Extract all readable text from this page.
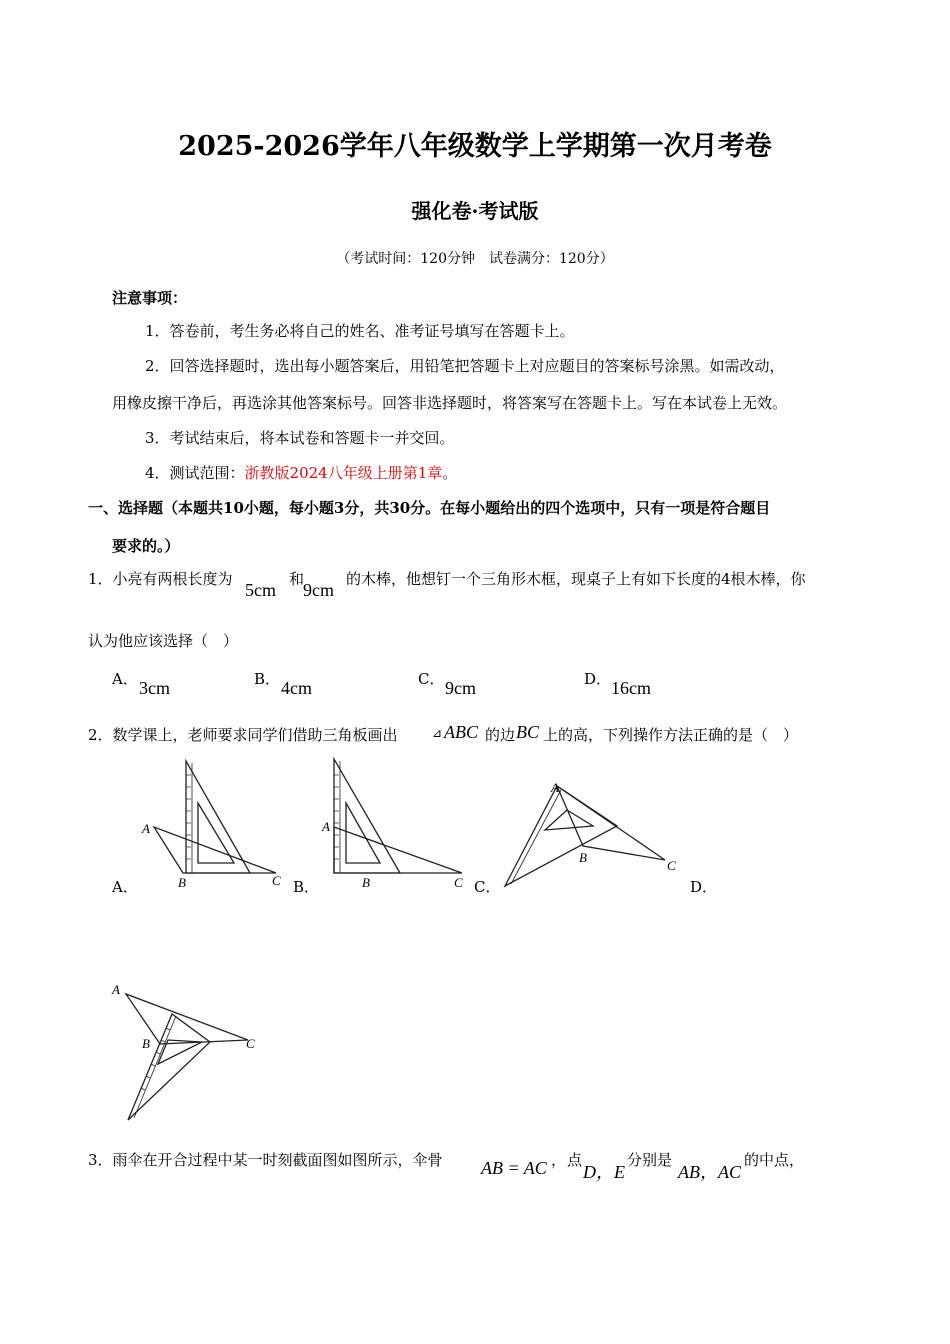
2025-2026学年八年级数学上学期第一次月考卷
强化卷·考试版
（考试时间：120分钟　试卷满分：120分）
注意事项：
1．答卷前，考生务必将自己的姓名、准考证号填写在答题卡上。
2．回答选择题时，选出每小题答案后，用铅笔把答题卡上对应题目的答案标号涂黑。如需改动，
用橡皮擦干净后，再选涂其他答案标号。回答非选择题时，将答案写在答题卡上。写在本试卷上无效。
3．考试结束后，将本试卷和答题卡一并交回。
4．测试范围：浙教版2024八年级上册第1章。
一、选择题（本题共10小题，每小题3分，共30分。在每小题给出的四个选项中，只有一项是符合题目
要求的。）
1．小亮有两根长度为
5cm
和
9cm
的木棒，他想钉一个三角形木框，现桌子上有如下长度的4根木棒，你
认为他应该选择（　）
A． 3cm	B． 4cm	C． 9cm	D． 16cm
2．数学课上，老师要求同学们借助三角板画出	⊿ ABC 的边 BC 上的高，下列操作方法正确的是（　）
A
B	C
A．
A
B	C
B．
A
B
C
C．	D．
A
B	C
3．雨伞在开合过程中某一时刻截面图如图所示，伞骨 AB = AC ， 点
D，E
分别是
AB，AC
的中点，
